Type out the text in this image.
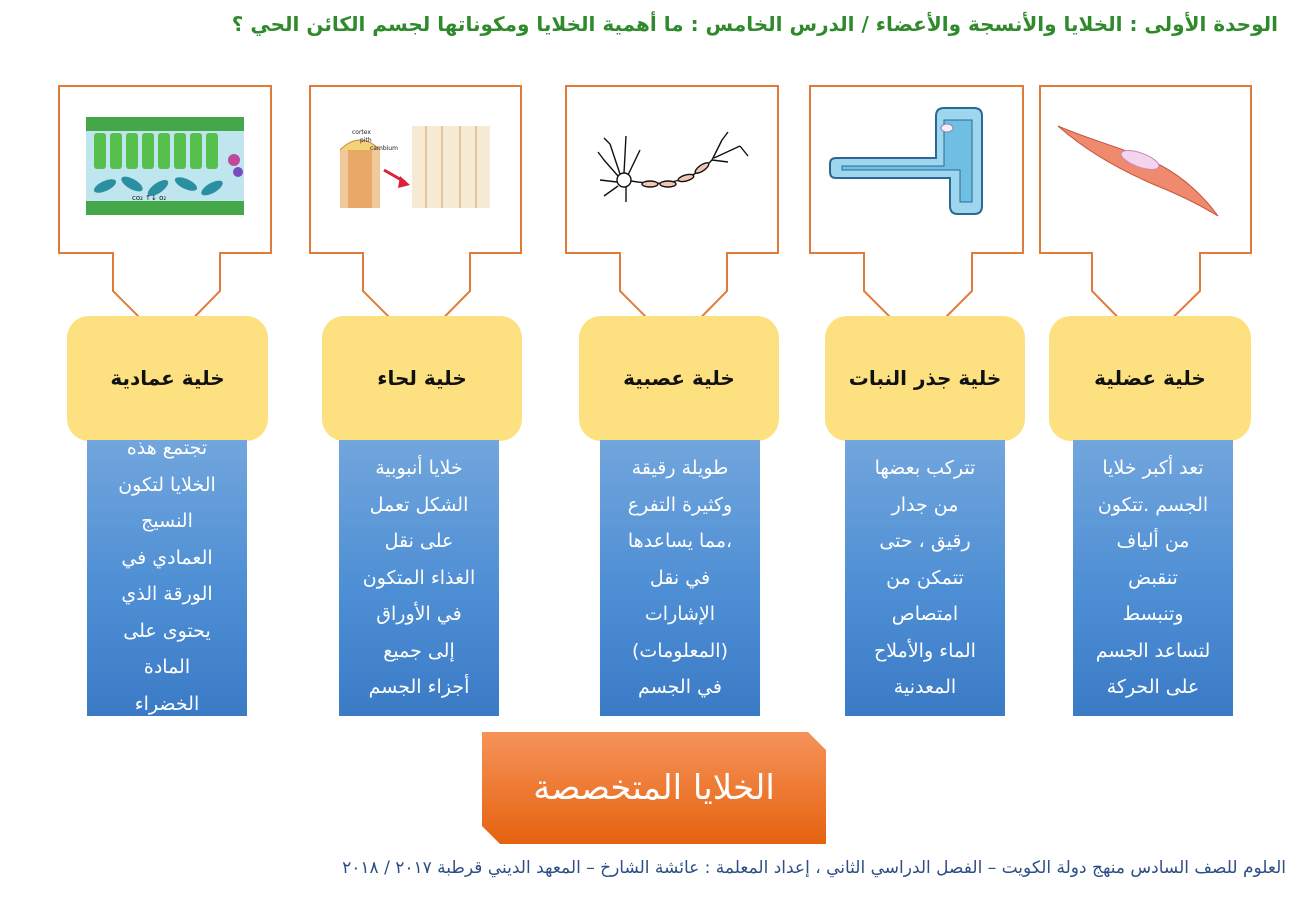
الوحدة الأولى : الخلايا والأنسجة والأعضاء / الدرس الخامس : ما أهمية الخلايا ومكوناتها لجسم الكائن الحي ؟
co₂ ↑↓ o₂
cortex
pith
cambium
خلية عضلية
خلية جذر النبات
خلية عصبية
خلية لحاء
خلية عمادية
تعد أكبر خلايا
الجسم .تتكون
من ألياف
تنقبض
وتنبسط
لتساعد الجسم
على الحركة
تتركب بعضها
من جدار
رقيق ، حتى
تتمكن من
امتصاص
الماء والأملاح
المعدنية
طويلة رقيقة
وكثيرة التفرع
،مما يساعدها
في نقل
الإشارات
(المعلومات)
في الجسم
خلايا أنبوبية
الشكل تعمل
على نقل
الغذاء المتكون
في الأوراق
إلى جميع
أجزاء الجسم
تجتمع هذه
الخلايا لتكون
النسيج
العمادي في
الورقة الذي
يحتوى على
المادة
الخضراء
الخلايا المتخصصة
العلوم للصف السادس منهج دولة الكويت – الفصل الدراسي الثاني ، إعداد المعلمة : عائشة الشارخ – المعهد الديني قرطبة ٢٠١٧ / ٢٠١٨
